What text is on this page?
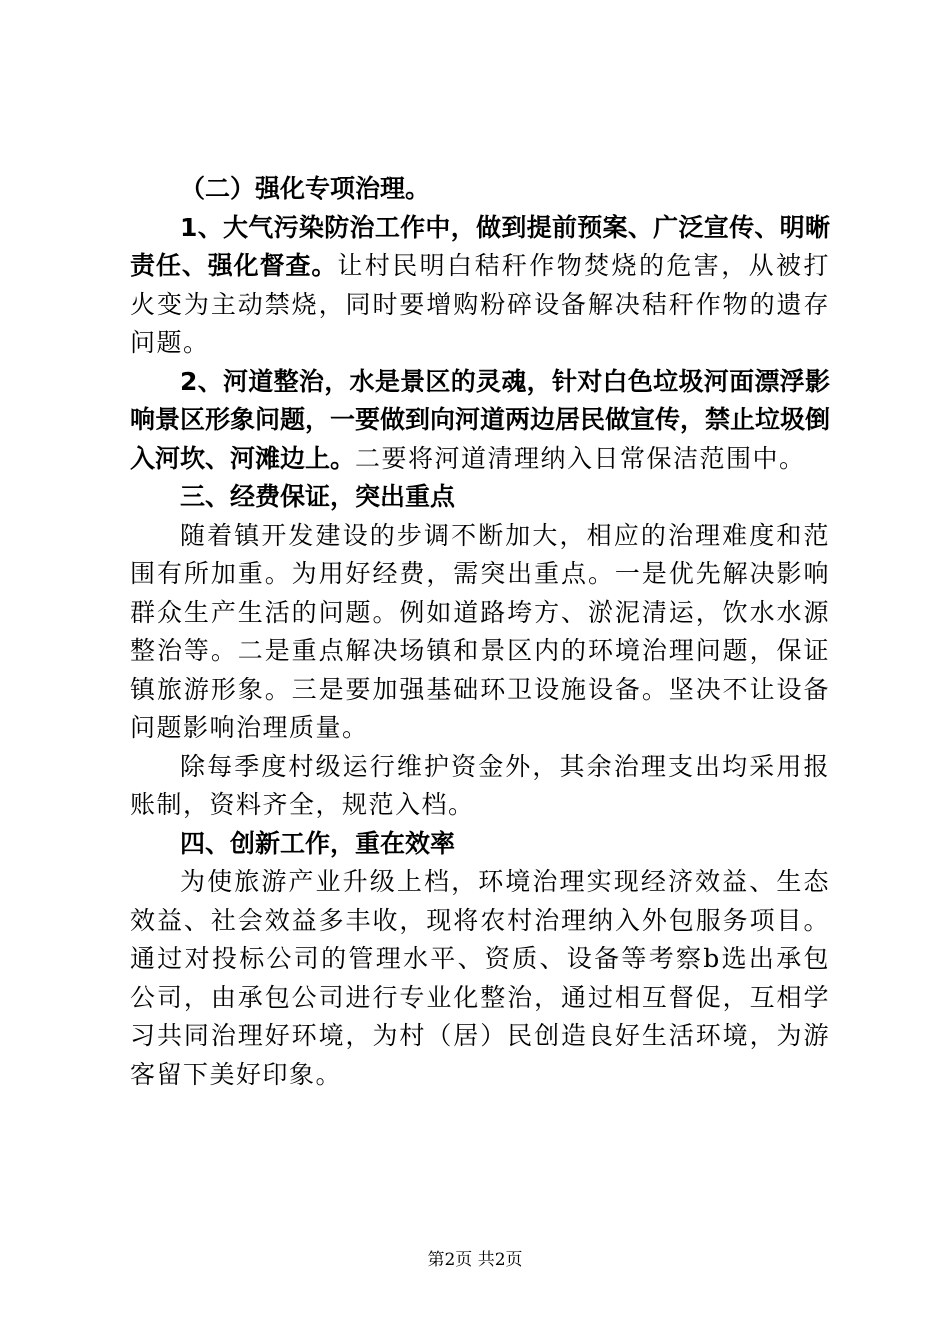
（二）强化专项治理。

1、大气污染防治工作中，做到提前预案、广泛宣传、明晰责任、强化督查。让村民明白秸秆作物焚烧的危害，从被打火变为主动禁烧，同时要增购粉碎设备解决秸秆作物的遗存问题。

2、河道整治，水是景区的灵魂，针对白色垃圾河面漂浮影响景区形象问题，一要做到向河道两边居民做宣传，禁止垃圾倒入河坎、河滩边上。二要将河道清理纳入日常保洁范围中。

三、经费保证，突出重点

随着镇开发建设的步调不断加大，相应的治理难度和范围有所加重。为用好经费，需突出重点。一是优先解决影响群众生产生活的问题。例如道路垮方、淤泥清运，饮水水源整治等。二是重点解决场镇和景区内的环境治理问题，保证镇旅游形象。三是要加强基础环卫设施设备。坚决不让设备问题影响治理质量。

除每季度村级运行维护资金外，其余治理支出均采用报账制，资料齐全，规范入档。

四、创新工作，重在效率

为使旅游产业升级上档，环境治理实现经济效益、生态效益、社会效益多丰收，现将农村治理纳入外包服务项目。通过对投标公司的管理水平、资质、设备等考察b选出承包公司，由承包公司进行专业化整治，通过相互督促，互相学习共同治理好环境，为村（居）民创造良好生活环境，为游客留下美好印象。

第2页 共2页
